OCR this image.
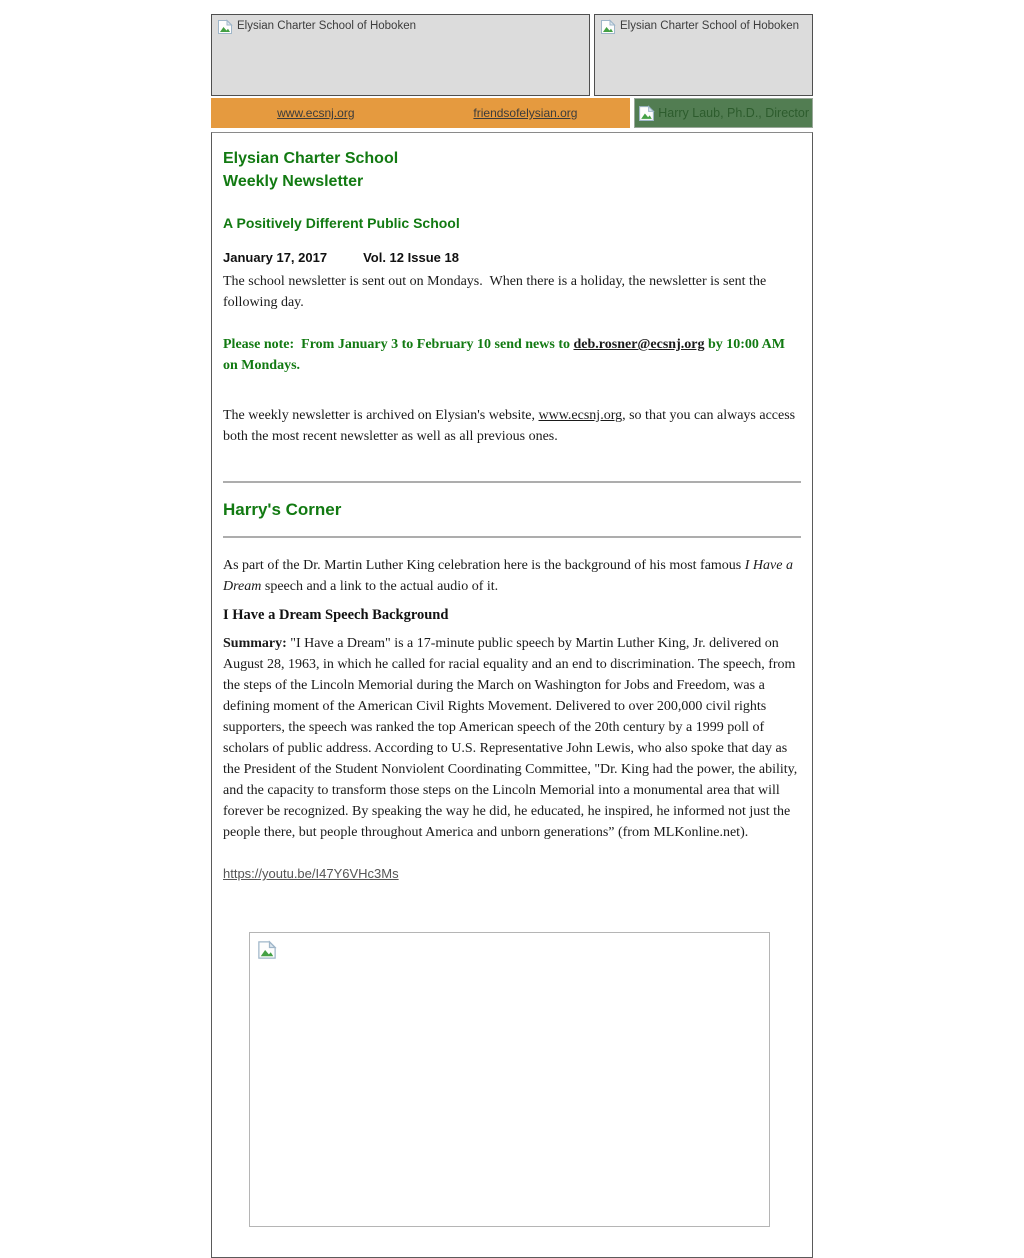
Elysian Charter School of Hoboken	Elysian Charter School of Hoboken
www.ecsnj.org	friendsofelysian.org	Harry Laub, Ph.D., Director
Elysian Charter School
Weekly Newsletter
A Positively Different Public School
January 17, 2017	Vol. 12 Issue 18

The school newsletter is sent out on Mondays.  When there is a holiday, the newsletter is sent the following day.

Please note:  From January 3 to February 10 send news to deb.rosner@ecsnj.org by 10:00 AM on Mondays.

The weekly newsletter is archived on Elysian's website, www.ecsnj.org, so that you can always access both the most recent newsletter as well as all previous ones.

Harry's Corner

As part of the Dr. Martin Luther King celebration here is the background of his most famous I Have a Dream speech and a link to the actual audio of it.

I Have a Dream Speech Background

Summary: "I Have a Dream" is a 17-minute public speech by Martin Luther King, Jr. delivered on August 28, 1963, in which he called for racial equality and an end to discrimination. The speech, from the steps of the Lincoln Memorial during the March on Washington for Jobs and Freedom, was a defining moment of the American Civil Rights Movement. Delivered to over 200,000 civil rights supporters, the speech was ranked the top American speech of the 20th century by a 1999 poll of scholars of public address. According to U.S. Representative John Lewis, who also spoke that day as the President of the Student Nonviolent Coordinating Committee, "Dr. King had the power, the ability, and the capacity to transform those steps on the Lincoln Memorial into a monumental area that will forever be recognized. By speaking the way he did, he educated, he inspired, he informed not just the people there, but people throughout America and unborn generations” (from MLKonline.net).

https://youtu.be/I47Y6VHc3Ms
